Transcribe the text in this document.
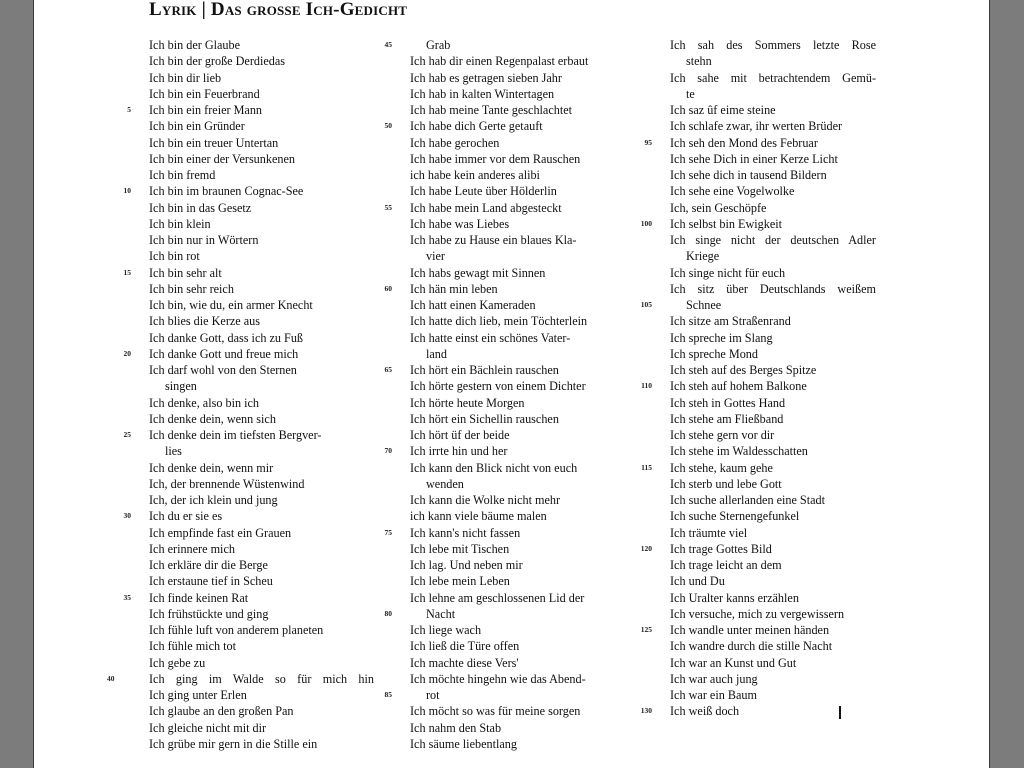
Lyrik | Das grosse Ich-Gedicht
Ich bin der Glaube
Ich bin der große Derdiedas
Ich bin dir lieb
Ich bin ein Feuerbrand
5 Ich bin ein freier Mann
Ich bin ein Gründer
Ich bin ein treuer Untertan
Ich bin einer der Versunkenen
Ich bin fremd
10 Ich bin im braunen Cognac-See
Ich bin in das Gesetz
Ich bin klein
Ich bin nur in Wörtern
Ich bin rot
15 Ich bin sehr alt
Ich bin sehr reich
Ich bin, wie du, ein armer Knecht
Ich blies die Kerze aus
Ich danke Gott, dass ich zu Fuß
20 Ich danke Gott und freue mich
Ich darf wohl von den Sternen
singen
Ich denke, also bin ich
Ich denke dein, wenn sich
25 Ich denke dein im tiefsten Bergver-
lies
Ich denke dein, wenn mir
Ich, der brennende Wüstenwind
Ich, der ich klein und jung
30 Ich du er sie es
Ich empfinde fast ein Grauen
Ich erinnere mich
Ich erkläre dir die Berge
Ich erstaune tief in Scheu
35 Ich finde keinen Rat
Ich frühstückte und ging
Ich fühle luft von anderem planeten
Ich fühle mich tot
Ich gebe zu
40	Ich ging im Walde so für mich hin
Ich ging unter Erlen
Ich glaube an den großen Pan
Ich gleiche nicht mit dir
Ich grübe mir gern in die Stille ein
45	Grab
Ich hab dir einen Regenpalast erbaut
Ich hab es getragen sieben Jahr
Ich hab in kalten Wintertagen
Ich hab meine Tante geschlachtet
50 Ich habe dich Gerte getauft
Ich habe gerochen
Ich habe immer vor dem Rauschen
ich habe kein anderes alibi
Ich habe Leute über Hölderlin
55 Ich habe mein Land abgesteckt
Ich habe was Liebes
Ich habe zu Hause ein blaues Kla-
vier
Ich habs gewagt mit Sinnen
60 Ich hän min leben
Ich hatt einen Kameraden
Ich hatte dich lieb, mein Töchterlein
Ich hatte einst ein schönes Vater-
land
65 Ich hört ein Bächlein rauschen
Ich hörte gestern von einem Dichter
Ich hörte heute Morgen
Ich hört ein Sichellin rauschen
Ich hört üf der beide
70 Ich irrte hin und her
Ich kann den Blick nicht von euch
wenden
Ich kann die Wolke nicht mehr
ich kann viele bäume malen
75 Ich kann's nicht fassen
Ich lebe mit Tischen
Ich lag. Und neben mir
Ich lebe mein Leben
Ich lehne am geschlossenen Lid der
80	Nacht
Ich liege wach
Ich ließ die Türe offen
Ich machte diese Vers'
Ich möchte hingehn wie das Abend-
85	rot
Ich möcht so was für meine sorgen
Ich nahm den Stab
Ich säume liebentlang
Ich sah des Sommers letzte Rose
stehn
Ich sahe mit betrachtendem Gemü-
te
Ich saz ûf eime steine
Ich schlafe zwar, ihr werten Brüder
95 Ich seh den Mond des Februar
Ich sehe Dich in einer Kerze Licht
Ich sehe dich in tausend Bildern
Ich sehe eine Vogelwolke
Ich, sein Geschöpfe
100 Ich selbst bin Ewigkeit
Ich singe nicht der deutschen Adler
Kriege
Ich singe nicht für euch
Ich sitz über Deutschlands weißem
105	Schnee
Ich sitze am Straßenrand
Ich spreche im Slang
Ich spreche Mond
Ich steh auf des Berges Spitze
110 Ich steh auf hohem Balkone
Ich steh in Gottes Hand
Ich stehe am Fließband
Ich stehe gern vor dir
Ich stehe im Waldesschatten
115 Ich stehe, kaum gehe
Ich sterb und lebe Gott
Ich suche allerlanden eine Stadt
Ich suche Sternengefunkel
Ich träumte viel
120 Ich trage Gottes Bild
Ich trage leicht an dem
Ich und Du
Ich Uralter kanns erzählen
Ich versuche, mich zu vergewissern
125 Ich wandle unter meinen händen
Ich wandre durch die stille Nacht
Ich war an Kunst und Gut
Ich war auch jung
Ich war ein Baum
130 Ich weiß doch
